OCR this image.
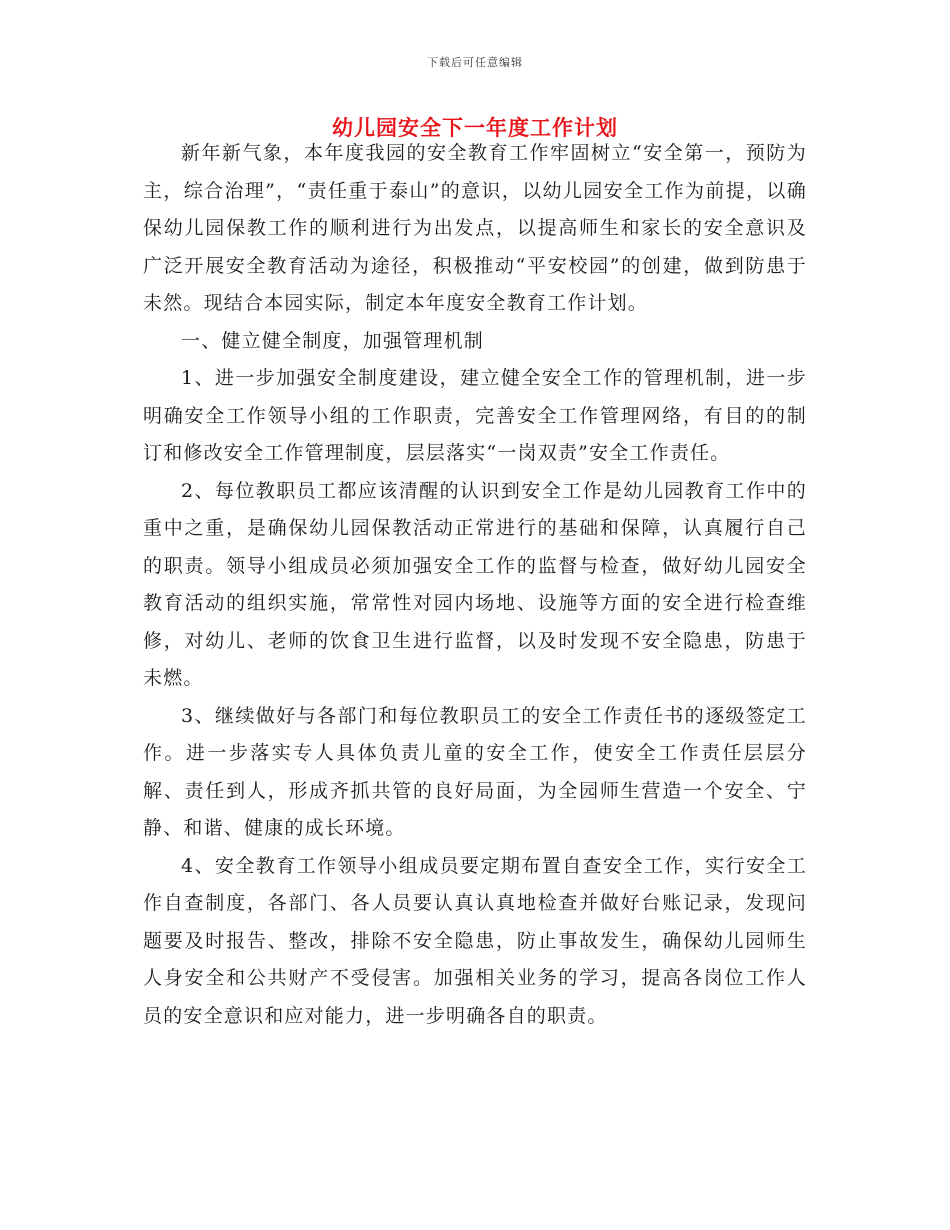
下载后可任意编辑
幼儿园安全下一年度工作计划

新年新气象，本年度我园的安全教育工作牢固树立“安全第一，预防为主，综合治理”，“责任重于泰山”的意识，以幼儿园安全工作为前提，以确保幼儿园保教工作的顺利进行为出发点，以提高师生和家长的安全意识及广泛开展安全教育活动为途径，积极推动“平安校园”的创建，做到防患于未然。现结合本园实际，制定本年度安全教育工作计划。

一、健立健全制度，加强管理机制

1、进一步加强安全制度建设，建立健全安全工作的管理机制，进一步明确安全工作领导小组的工作职责，完善安全工作管理网络，有目的的制订和修改安全工作管理制度，层层落实“一岗双责”安全工作责任。

2、每位教职员工都应该清醒的认识到安全工作是幼儿园教育工作中的重中之重，是确保幼儿园保教活动正常进行的基础和保障，认真履行自己的职责。领导小组成员必须加强安全工作的监督与检查，做好幼儿园安全教育活动的组织实施，常常性对园内场地、设施等方面的安全进行检查维修，对幼儿、老师的饮食卫生进行监督，以及时发现不安全隐患，防患于未燃。

3、继续做好与各部门和每位教职员工的安全工作责任书的逐级签定工作。进一步落实专人具体负责儿童的安全工作，使安全工作责任层层分解、责任到人，形成齐抓共管的良好局面，为全园师生营造一个安全、宁静、和谐、健康的成长环境。

4、安全教育工作领导小组成员要定期布置自查安全工作，实行安全工作自查制度，各部门、各人员要认真认真地检查并做好台账记录，发现问题要及时报告、整改，排除不安全隐患，防止事故发生，确保幼儿园师生人身安全和公共财产不受侵害。加强相关业务的学习，提高各岗位工作人员的安全意识和应对能力，进一步明确各自的职责。
